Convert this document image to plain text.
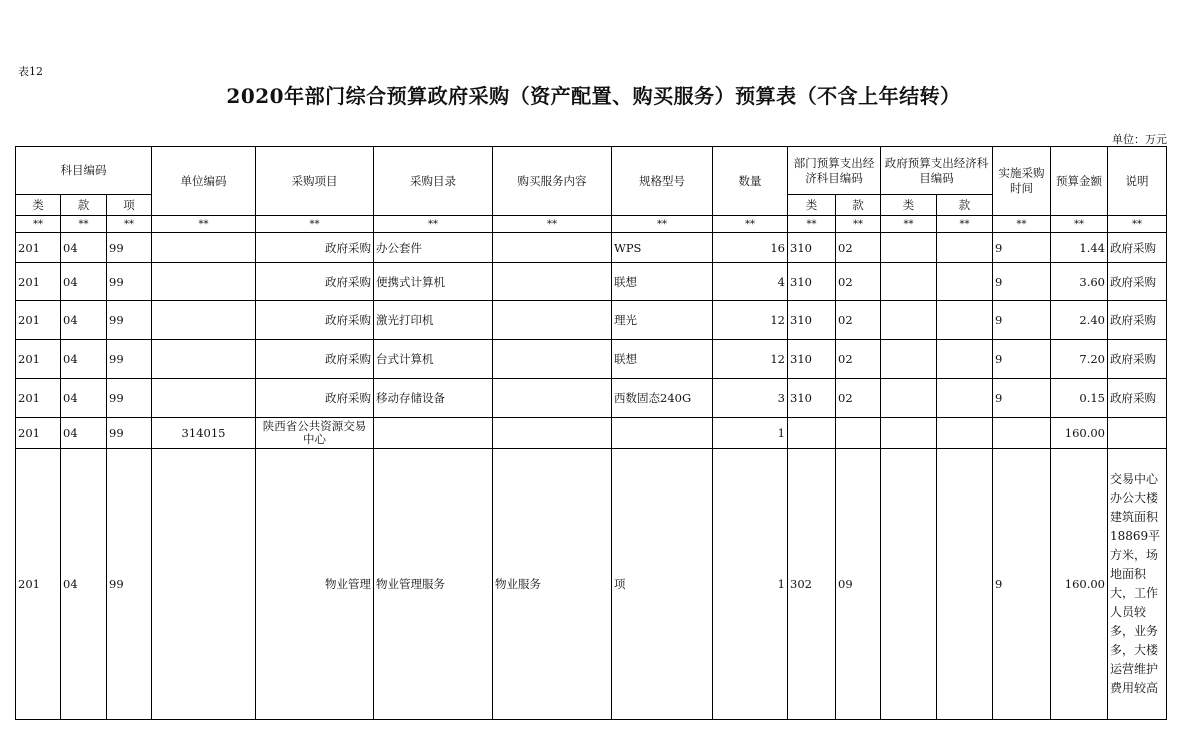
表12
2020年部门综合预算政府采购（资产配置、购买服务）预算表（不含上年结转）
单位：万元
科目编码			单位编码	采购项目	采购目录	购买服务内容	规格型号	数量	部门预算支出经济科目编码		政府预算支出经济科目编码		实施采购时间	预算金额	说明
类	款	项							类	款	类	款			
**	**	**	**	**	**	**	**	**	**	**	**	**	**	**	**
201	04	99		政府采购	办公套件		WPS	16	310	02			9	1.44	政府采购
201	04	99		政府采购	便携式计算机		联想	4	310	02			9	3.60	政府采购
201	04	99		政府采购	激光打印机		理光	12	310	02			9	2.40	政府采购
201	04	99		政府采购	台式计算机		联想	12	310	02			9	7.20	政府采购
201	04	99		政府采购	移动存储设备		西数固态240G	3	310	02			9	0.15	政府采购
201	04	99	314015	陕西省公共资源交易中心				1						160.00	
201	04	99		物业管理	物业管理服务	物业服务	项	1	302	09			9	160.00	交易中心办公大楼建筑面积18869平方米，场地面积大，工作人员较多，业务多，大楼运营维护费用较高
